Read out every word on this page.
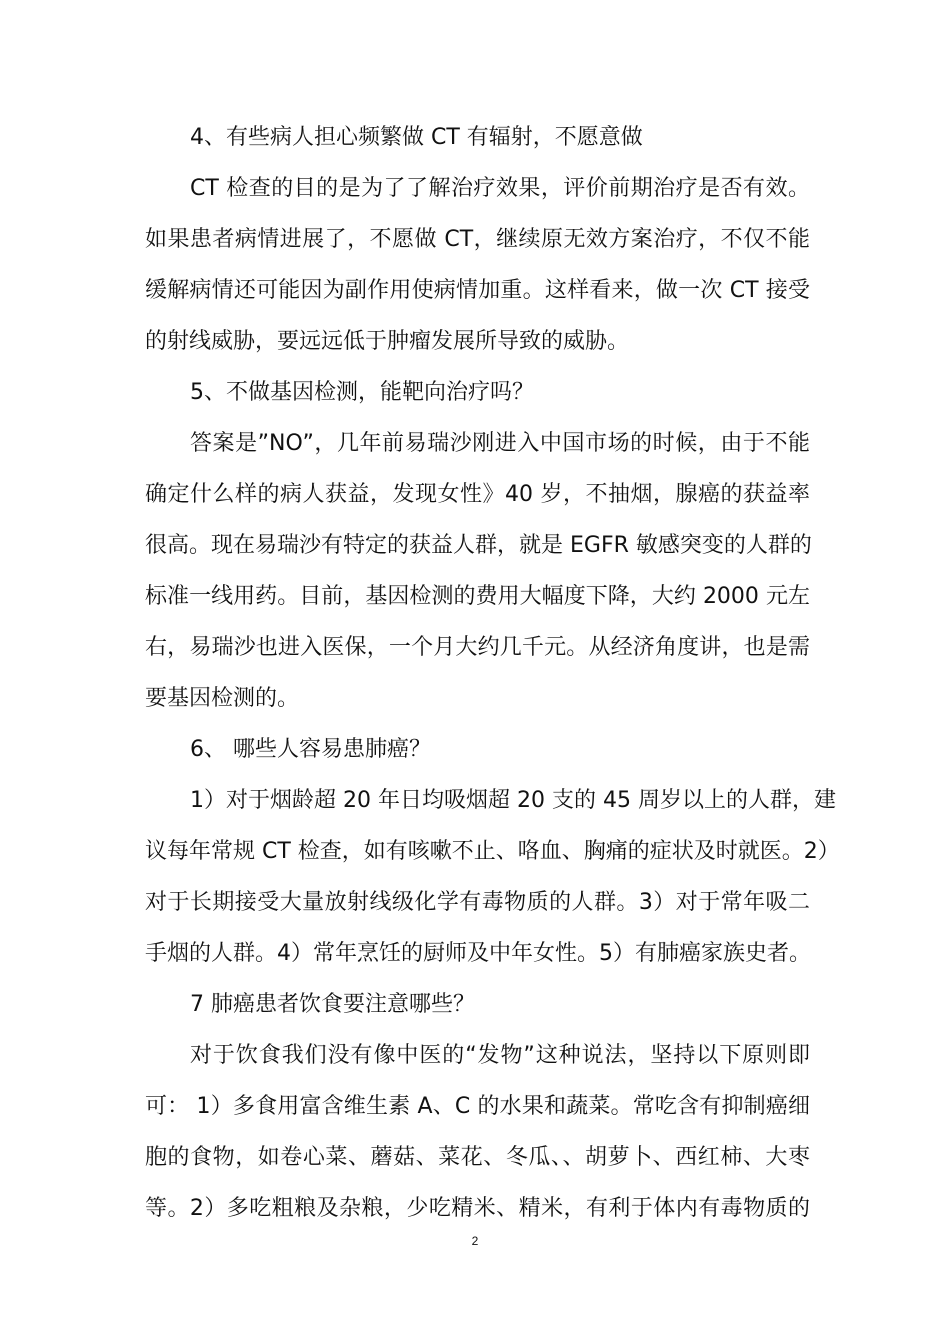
4、有些病人担心频繁做 CT 有辐射，不愿意做
CT 检查的目的是为了了解治疗效果，评价前期治疗是否有效。
如果患者病情进展了，不愿做 CT，继续原无效方案治疗，不仅不能
缓解病情还可能因为副作用使病情加重。这样看来，做一次 CT 接受
的射线威胁，要远远低于肿瘤发展所导致的威胁。
5、不做基因检测，能靶向治疗吗？
答案是”NO”，几年前易瑞沙刚进入中国市场的时候，由于不能
确定什么样的病人获益，发现女性》40 岁，不抽烟，腺癌的获益率
很高。现在易瑞沙有特定的获益人群，就是 EGFR 敏感突变的人群的
标准一线用药。目前，基因检测的费用大幅度下降，大约 2000 元左
右，易瑞沙也进入医保，一个月大约几千元。从经济角度讲，也是需
要基因检测的。
6、 哪些人容易患肺癌？
1）对于烟龄超 20 年日均吸烟超 20 支的 45 周岁以上的人群，建
议每年常规 CT 检查，如有咳嗽不止、咯血、胸痛的症状及时就医。2）
对于长期接受大量放射线级化学有毒物质的人群。3）对于常年吸二
手烟的人群。4）常年烹饪的厨师及中年女性。5）有肺癌家族史者。
7 肺癌患者饮食要注意哪些？
对于饮食我们没有像中医的“发物”这种说法，坚持以下原则即
可： 1）多食用富含维生素 A、C 的水果和蔬菜。常吃含有抑制癌细
胞的食物，如卷心菜、蘑菇、菜花、冬瓜、、胡萝卜、西红柿、大枣
等。2）多吃粗粮及杂粮，少吃精米、精米，有利于体内有毒物质的
2
